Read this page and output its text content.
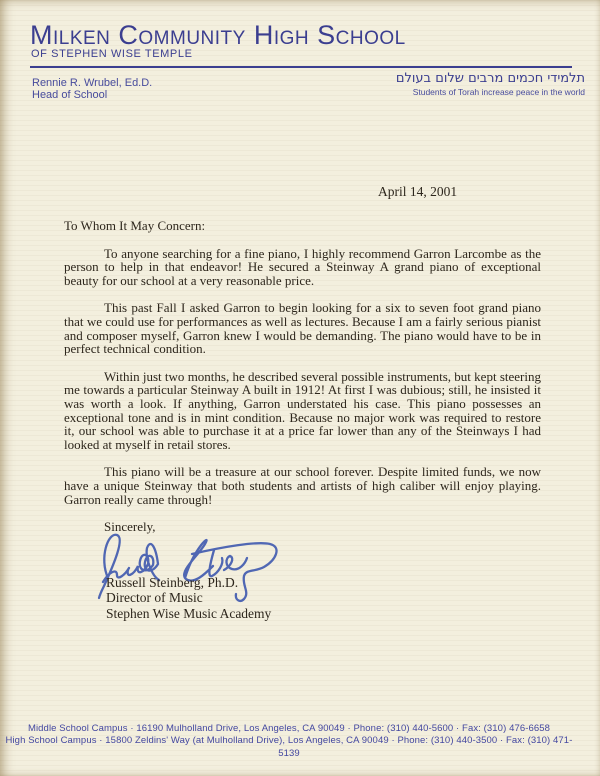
Milken Community High School
OF STEPHEN WISE TEMPLE
Rennie R. Wrubel, Ed.D.
Head of School
תלמידי חכמים מרבים שלום בעולם
Students of Torah increase peace in the world
April 14, 2001

To Whom It May Concern:

To anyone searching for a fine piano, I highly recommend Garron Larcombe as the person to help in that endeavor! He secured a Steinway A grand piano of exceptional beauty for our school at a very reasonable price.

This past Fall I asked Garron to begin looking for a six to seven foot grand piano that we could use for performances as well as lectures. Because I am a fairly serious pianist and composer myself, Garron knew I would be demanding. The piano would have to be in perfect technical condition.

Within just two months, he described several possible instruments, but kept steering me towards a particular Steinway A built in 1912! At first I was dubious; still, he insisted it was worth a look. If anything, Garron understated his case. This piano possesses an exceptional tone and is in mint condition. Because no major work was required to restore it, our school was able to purchase it at a price far lower than any of the Steinways I had looked at myself in retail stores.

This piano will be a treasure at our school forever. Despite limited funds, we now have a unique Steinway that both students and artists of high caliber will enjoy playing. Garron really came through!

Sincerely,

Russell Steinberg, Ph.D.
Director of Music
Stephen Wise Music Academy
Middle School Campus · 16190 Mulholland Drive, Los Angeles, CA 90049 · Phone: (310) 440-5600 · Fax: (310) 476-6658
High School Campus · 15800 Zeldins' Way (at Mulholland Drive), Los Angeles, CA 90049 · Phone: (310) 440-3500 · Fax: (310) 471-5139
